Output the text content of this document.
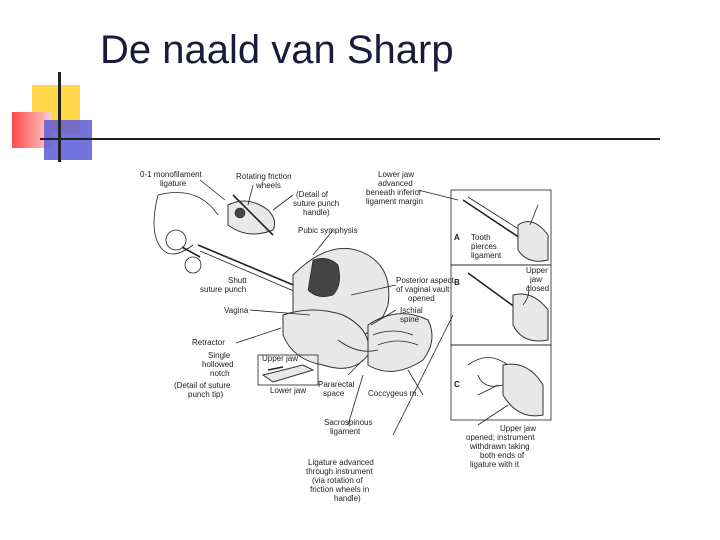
De naald van Sharp
0-1 monofilament
ligature
Rotating friction
wheels
Lower jaw
advanced
beneath inferior
ligament margin
(Detail of
suture punch
handle)
Pubic symphysis
A Tooth
pierces
ligament
Upper
jaw
closed
B
Shutt
suture punch
Posterior aspect
of vaginal vault
opened
Ischial
spine
Vagina
Retractor
Single
hollowed
notch
Upper jaw
(Detail of suture
punch tip)	Lower jaw
Pararectal
space	Coccygeus m.
C
Sacrospinous
ligament	Upper jaw
opened; instrument
withdrawn taking
both ends of
ligature with it
Ligature advanced
through instrument
(via rotation of
friction wheels in
handle)
